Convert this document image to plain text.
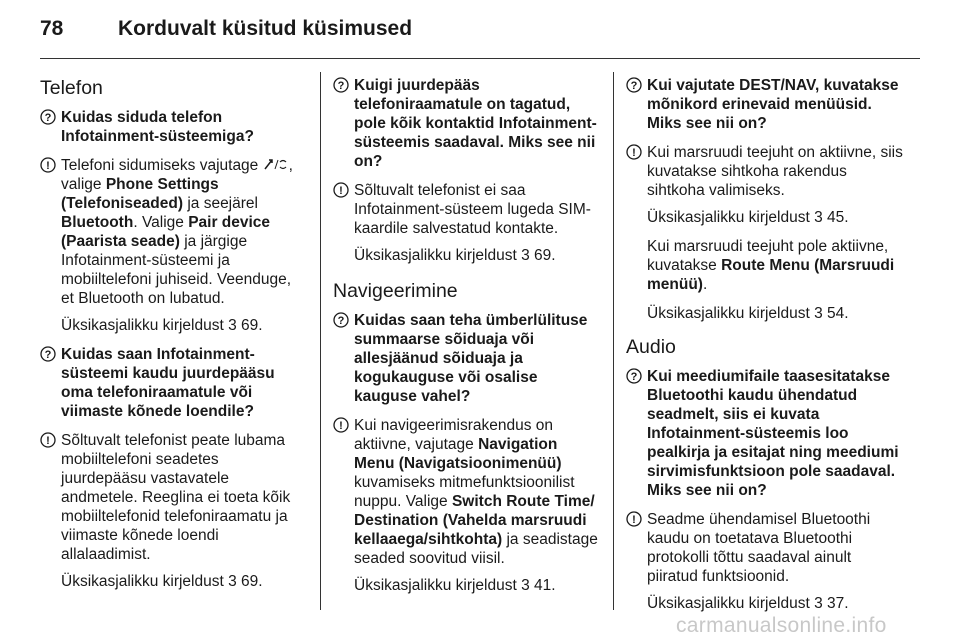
78	Korduvalt küsitud küsimused
Telefon
? Kuidas siduda telefon Infotainment-süsteemiga?
! Telefoni sidumiseks vajutage , valige Phone Settings (Telefoniseaded) ja seejärel Bluetooth. Valige Pair device (Paarista seade) ja järgige Infotainment-süsteemi ja mobiiltelefoni juhiseid. Veenduge, et Bluetooth on lubatud.
Üksikasjalikku kirjeldust 3 69.
? Kuidas saan Infotainment-süsteemi kaudu juurdepääsu oma telefoniraamatule või viimaste kõnede loendile?
! Sõltuvalt telefonist peate lubama mobiiltelefoni seadetes juurdepääsu vastavatele andmetele. Reeglina ei toeta kõik mobiiltelefonid telefoniraamatu ja viimaste kõnede loendi allalaadimist.
Üksikasjalikku kirjeldust 3 69.
? Kuigi juurdepääs telefoniraamatule on tagatud, pole kõik kontaktid Infotainment-süsteemis saadaval. Miks see nii on?
! Sõltuvalt telefonist ei saa Infotainment-süsteem lugeda SIM-kaardile salvestatud kontakte.
Üksikasjalikku kirjeldust 3 69.
Navigeerimine
? Kuidas saan teha ümberlülituse summaarse sõiduaja või allesjäänud sõiduaja ja kogukauguse või osalise kauguse vahel?
! Kui navigeerimisrakendus on aktiivne, vajutage Navigation Menu (Navigatsioonimenüü) kuvamiseks mitmefunktsioonilist nuppu. Valige Switch Route Time/ Destination (Vahelda marsruudi kellaaega/sihtkohta) ja seadistage seaded soovitud viisil.
Üksikasjalikku kirjeldust 3 41.
? Kui vajutate DEST/NAV, kuvatakse mõnikord erinevaid menüüsid. Miks see nii on?
! Kui marsruudi teejuht on aktiivne, siis kuvatakse sihtkoha rakendus sihtkoha valimiseks.
Üksikasjalikku kirjeldust 3 45.
Kui marsruudi teejuht pole aktiivne, kuvatakse Route Menu (Marsruudi menüü).
Üksikasjalikku kirjeldust 3 54.
Audio
? Kui meediumifaile taasesitatakse Bluetoothi kaudu ühendatud seadmelt, siis ei kuvata Infotainment-süsteemis loo pealkirja ja esitajat ning meediumi sirvimisfunktsioon pole saadaval. Miks see nii on?
! Seadme ühendamisel Bluetoothi kaudu on toetatava Bluetoothi protokolli tõttu saadaval ainult piiratud funktsioonid.
Üksikasjalikku kirjeldust 3 37.
carmanualsonline.info
